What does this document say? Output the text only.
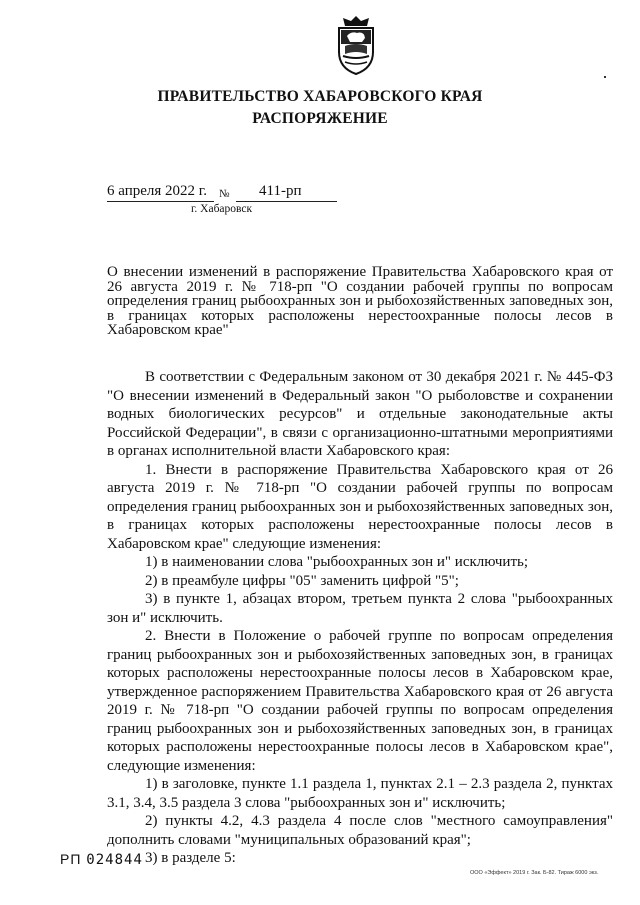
ПРАВИТЕЛЬСТВО ХАБАРОВСКОГО КРАЯ
РАСПОРЯЖЕНИЕ
6 апреля 2022 г. № 411-рп
г. Хабаровск
О внесении изменений в распоряжение Правительства Хабаровского края от 26 августа 2019 г. № 718-рп "О создании рабочей группы по вопросам определения границ рыбоохранных зон и рыбохозяйственных заповедных зон, в границах которых расположены нерестоохранные полосы лесов в Хабаровском крае"

В соответствии с Федеральным законом от 30 декабря 2021 г. № 445-ФЗ "О внесении изменений в Федеральный закон "О рыболовстве и сохранении водных биологических ресурсов" и отдельные законодательные акты Российской Федерации", в связи с организационно-штатными мероприятиями в органах исполнительной власти Хабаровского края:

1. Внести в распоряжение Правительства Хабаровского края от 26 августа 2019 г. № 718-рп "О создании рабочей группы по вопросам определения границ рыбоохранных зон и рыбохозяйственных заповедных зон, в границах которых расположены нерестоохранные полосы лесов в Хабаровском крае" следующие изменения:

1) в наименовании слова "рыбоохранных зон и" исключить;

2) в преамбуле цифры "05" заменить цифрой "5";

3) в пункте 1, абзацах втором, третьем пункта 2 слова "рыбоохранных зон и" исключить.

2. Внести в Положение о рабочей группе по вопросам определения границ рыбоохранных зон и рыбохозяйственных заповедных зон, в границах которых расположены нерестоохранные полосы лесов в Хабаровском крае, утвержденное распоряжением Правительства Хабаровского края от 26 августа 2019 г. № 718-рп "О создании рабочей группы по вопросам определения границ рыбоохранных зон и рыбохозяйственных заповедных зон, в границах которых расположены нерестоохранные полосы лесов в Хабаровском крае", следующие изменения:

1) в заголовке, пункте 1.1 раздела 1, пунктах 2.1 – 2.3 раздела 2, пунктах 3.1, 3.4, 3.5 раздела 3 слова "рыбоохранных зон и" исключить;

2) пункты 4.2, 4.3 раздела 4 после слов "местного самоуправления" дополнить словами "муниципальных образований края";

3) в разделе 5:

РП 024844
ООО «Эффект» 2019 г. Зак. Б-82. Тираж 6000 экз.
